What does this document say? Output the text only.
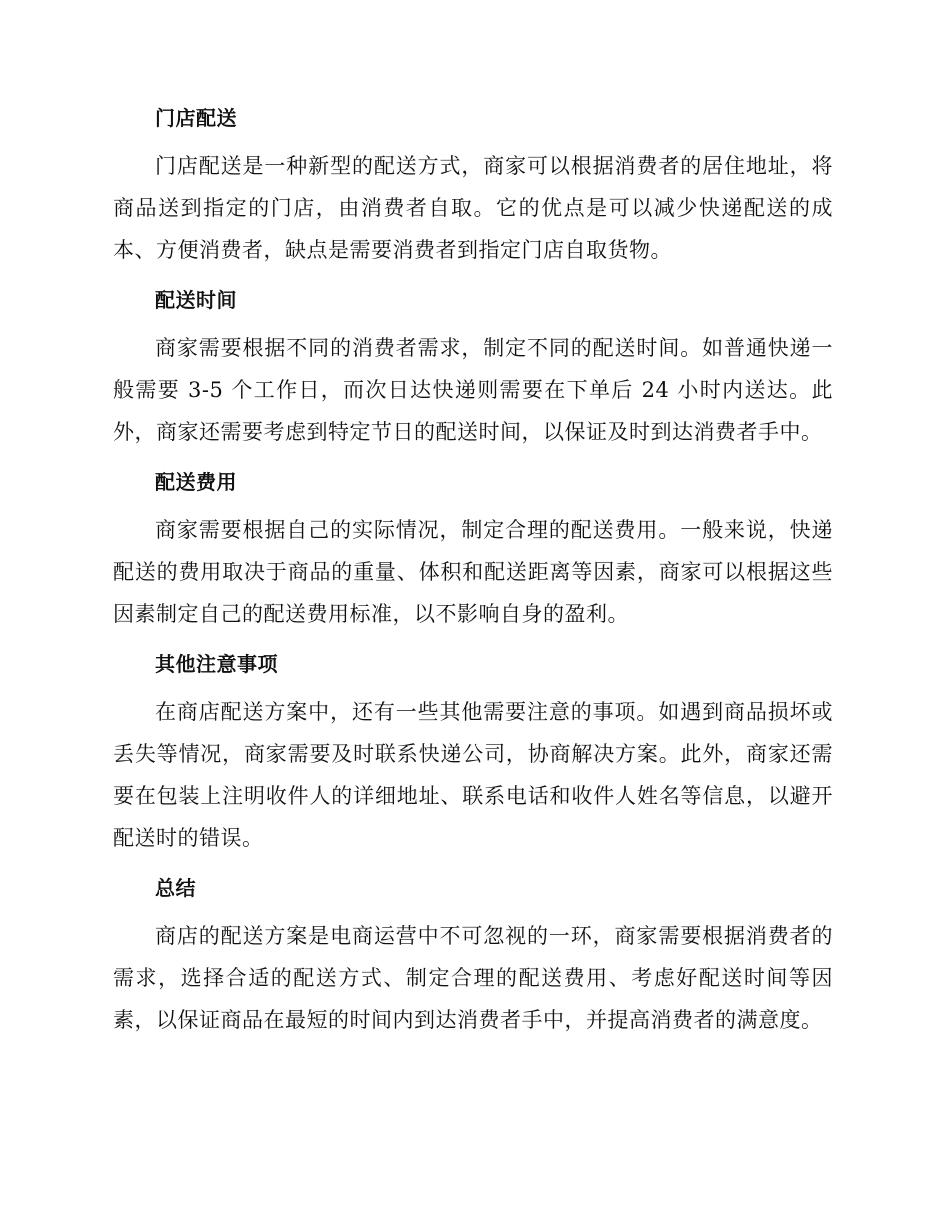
门店配送

门店配送是一种新型的配送方式，商家可以根据消费者的居住地址，将商品送到指定的门店，由消费者自取。它的优点是可以减少快递配送的成本、方便消费者，缺点是需要消费者到指定门店自取货物。

配送时间

商家需要根据不同的消费者需求，制定不同的配送时间。如普通快递一般需要 3-5 个工作日，而次日达快递则需要在下单后 24 小时内送达。此外，商家还需要考虑到特定节日的配送时间，以保证及时到达消费者手中。

配送费用

商家需要根据自己的实际情况，制定合理的配送费用。一般来说，快递配送的费用取决于商品的重量、体积和配送距离等因素，商家可以根据这些因素制定自己的配送费用标准，以不影响自身的盈利。

其他注意事项

在商店配送方案中，还有一些其他需要注意的事项。如遇到商品损坏或丢失等情况，商家需要及时联系快递公司，协商解决方案。此外，商家还需要在包装上注明收件人的详细地址、联系电话和收件人姓名等信息，以避开配送时的错误。

总结

商店的配送方案是电商运营中不可忽视的一环，商家需要根据消费者的需求，选择合适的配送方式、制定合理的配送费用、考虑好配送时间等因素，以保证商品在最短的时间内到达消费者手中，并提高消费者的满意度。
